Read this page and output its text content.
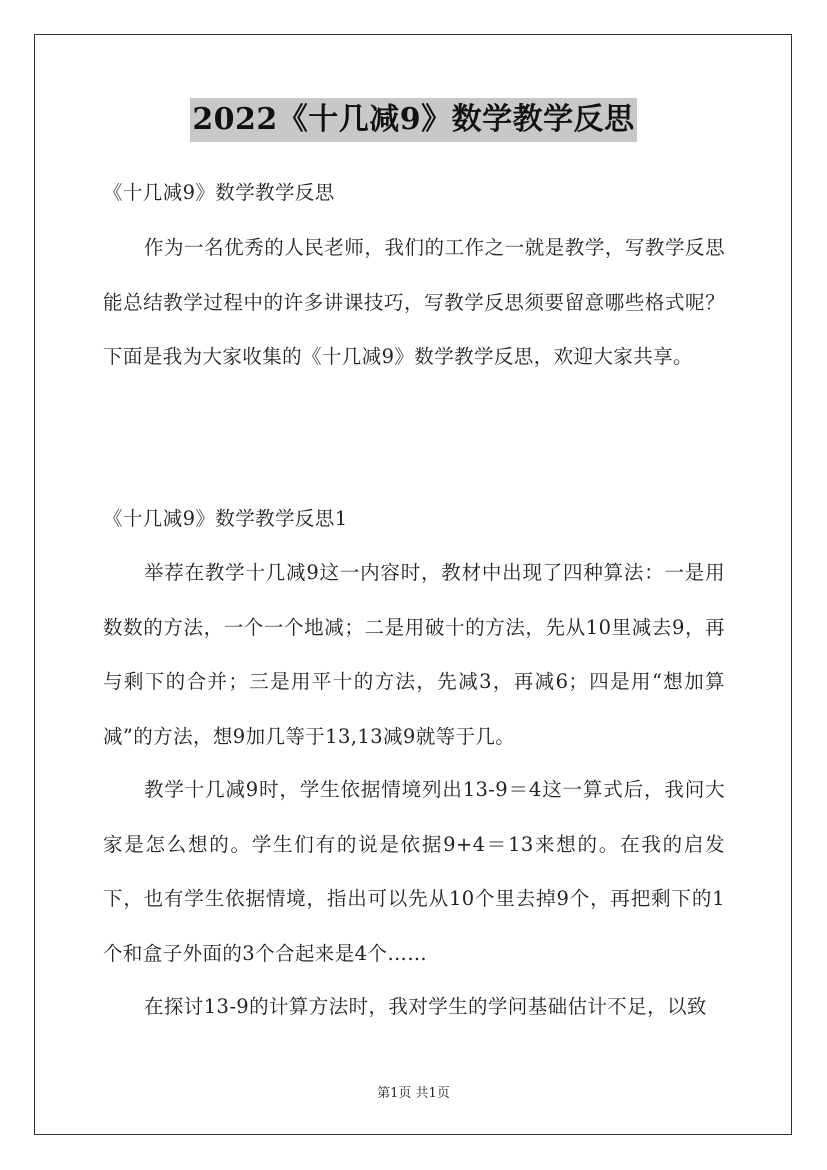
2022《十几减9》数学教学反思

《十几减9》数学教学反思

作为一名优秀的人民老师，我们的工作之一就是教学，写教学反思能总结教学过程中的许多讲课技巧，写教学反思须要留意哪些格式呢？下面是我为大家收集的《十几减9》数学教学反思，欢迎大家共享。

《十几减9》数学教学反思1

举荐在教学十几减9这一内容时，教材中出现了四种算法：一是用数数的方法，一个一个地减；二是用破十的方法，先从10里减去9，再与剩下的合并；三是用平十的方法，先减3，再减6；四是用“想加算减”的方法，想9加几等于13,13减9就等于几。

教学十几减9时，学生依据情境列出13-9＝4这一算式后，我问大家是怎么想的。学生们有的说是依据9+4＝13来想的。在我的启发下，也有学生依据情境，指出可以先从10个里去掉9个，再把剩下的1个和盒子外面的3个合起来是4个……

在探讨13-9的计算方法时，我对学生的学问基础估计不足，以致

第1页 共1页
